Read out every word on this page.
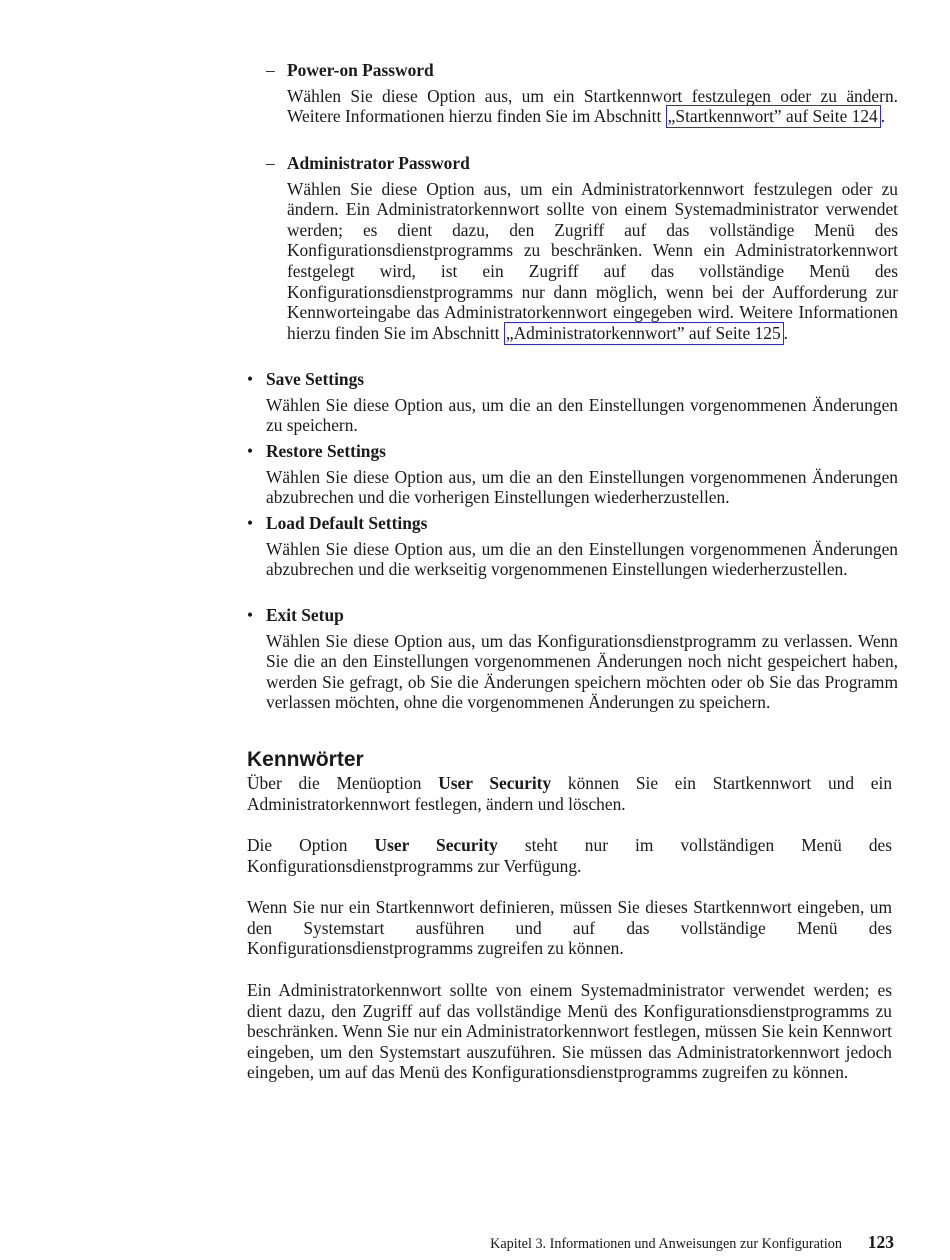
– Power-on Password
Wählen Sie diese Option aus, um ein Startkennwort festzulegen oder zu ändern. Weitere Informationen hierzu finden Sie im Abschnitt „Startkennwort” auf Seite 124 .
– Administrator Password
Wählen Sie diese Option aus, um ein Administratorkennwort festzulegen oder zu ändern. Ein Administratorkennwort sollte von einem Systemadministrator verwendet werden; es dient dazu, den Zugriff auf das vollständige Menü des Konfigurationsdienstprogramms zu beschränken. Wenn ein Administratorkennwort festgelegt wird, ist ein Zugriff auf das vollständige Menü des Konfigurationsdienstprogramms nur dann möglich, wenn bei der Aufforderung zur Kennworteingabe das Administratorkennwort eingegeben wird. Weitere Informationen hierzu finden Sie im Abschnitt „Administratorkennwort” auf Seite 125 .
• Save Settings
Wählen Sie diese Option aus, um die an den Einstellungen vorgenommenen Änderungen zu speichern.
• Restore Settings
Wählen Sie diese Option aus, um die an den Einstellungen vorgenommenen Änderungen abzubrechen und die vorherigen Einstellungen wiederherzustellen.
• Load Default Settings
Wählen Sie diese Option aus, um die an den Einstellungen vorgenommenen Änderungen abzubrechen und die werkseitig vorgenommenen Einstellungen wiederherzustellen.
• Exit Setup
Wählen Sie diese Option aus, um das Konfigurationsdienstprogramm zu verlassen. Wenn Sie die an den Einstellungen vorgenommenen Änderungen noch nicht gespeichert haben, werden Sie gefragt, ob Sie die Änderungen speichern möchten oder ob Sie das Programm verlassen möchten, ohne die vorgenommenen Änderungen zu speichern.
Kennwörter
Über die Menüoption User Security können Sie ein Startkennwort und ein Administratorkennwort festlegen, ändern und löschen.
Die Option User Security steht nur im vollständigen Menü des Konfigurationsdienstprogramms zur Verfügung.
Wenn Sie nur ein Startkennwort definieren, müssen Sie dieses Startkennwort eingeben, um den Systemstart ausführen und auf das vollständige Menü des Konfigurationsdienstprogramms zugreifen zu können.
Ein Administratorkennwort sollte von einem Systemadministrator verwendet werden; es dient dazu, den Zugriff auf das vollständige Menü des Konfigurationsdienstprogramms zu beschränken. Wenn Sie nur ein Administratorkennwort festlegen, müssen Sie kein Kennwort eingeben, um den Systemstart auszuführen. Sie müssen das Administratorkennwort jedoch eingeben, um auf das Menü des Konfigurationsdienstprogramms zugreifen zu können.
Kapitel 3. Informationen und Anweisungen zur Konfiguration 123
